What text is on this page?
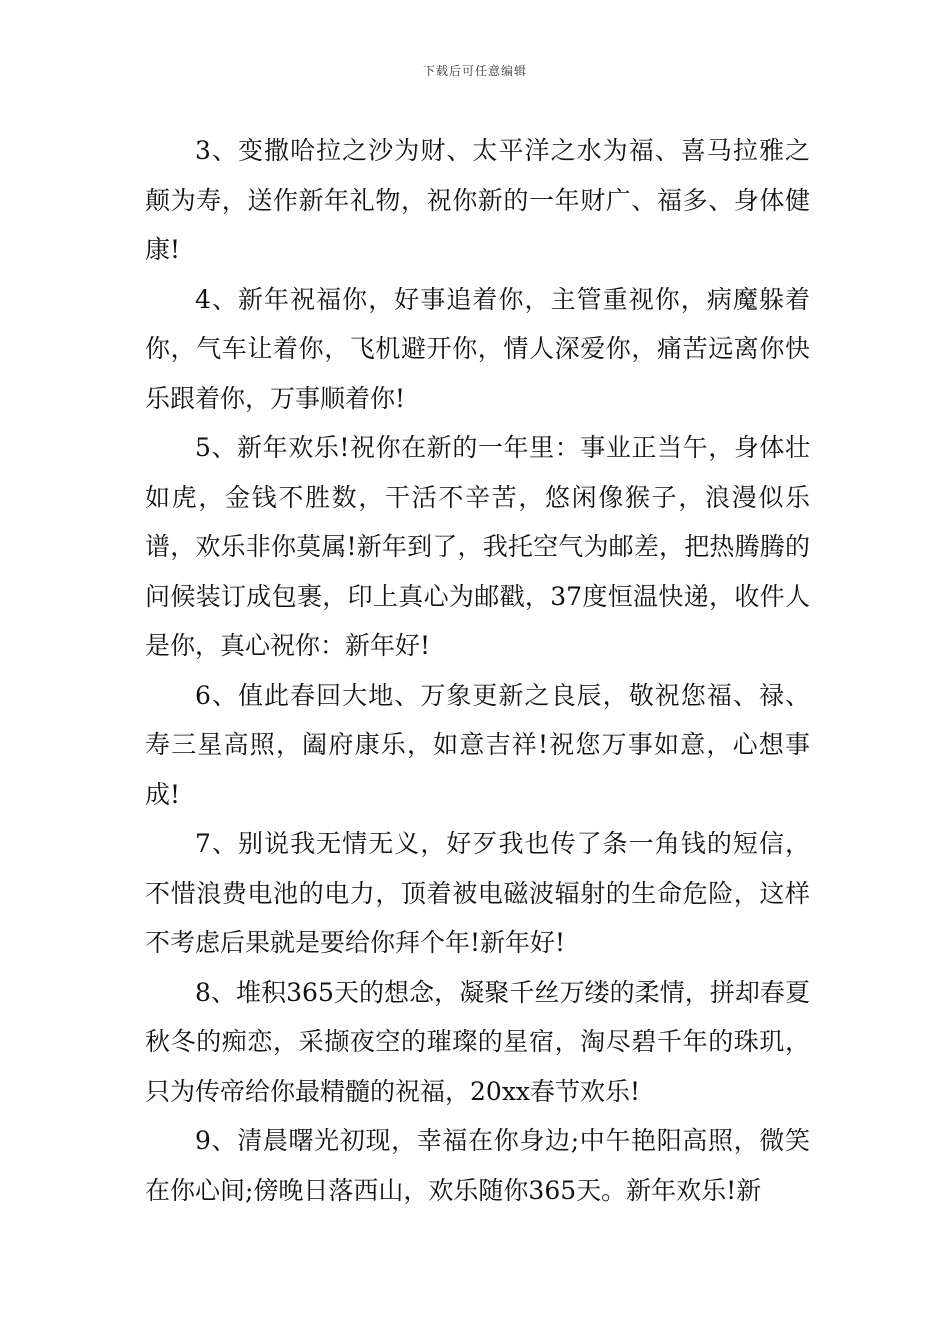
下载后可任意编辑

3、变撒哈拉之沙为财、太平洋之水为福、喜马拉雅之颠为寿，送作新年礼物，祝你新的一年财广、福多、身体健康!

4、新年祝福你，好事追着你，主管重视你，病魔躲着你，气车让着你，飞机避开你，情人深爱你，痛苦远离你快乐跟着你，万事顺着你!

5、新年欢乐!祝你在新的一年里：事业正当午，身体壮如虎，金钱不胜数，干活不辛苦，悠闲像猴子，浪漫似乐谱，欢乐非你莫属!新年到了，我托空气为邮差，把热腾腾的问候装订成包裹，印上真心为邮戳，37度恒温快递，收件人是你，真心祝你：新年好!

6、值此春回大地、万象更新之良辰，敬祝您福、禄、寿三星高照，阖府康乐，如意吉祥!祝您万事如意，心想事成!

7、别说我无情无义，好歹我也传了条一角钱的短信，不惜浪费电池的电力，顶着被电磁波辐射的生命危险，这样不考虑后果就是要给你拜个年!新年好!

8、堆积365天的想念，凝聚千丝万缕的柔情，拼却春夏秋冬的痴恋，采撷夜空的璀璨的星宿，淘尽碧千年的珠玑，只为传帝给你最精髓的祝福，20xx春节欢乐!

9、清晨曙光初现，幸福在你身边;中午艳阳高照，微笑在你心间;傍晚日落西山，欢乐随你365天。新年欢乐!新
